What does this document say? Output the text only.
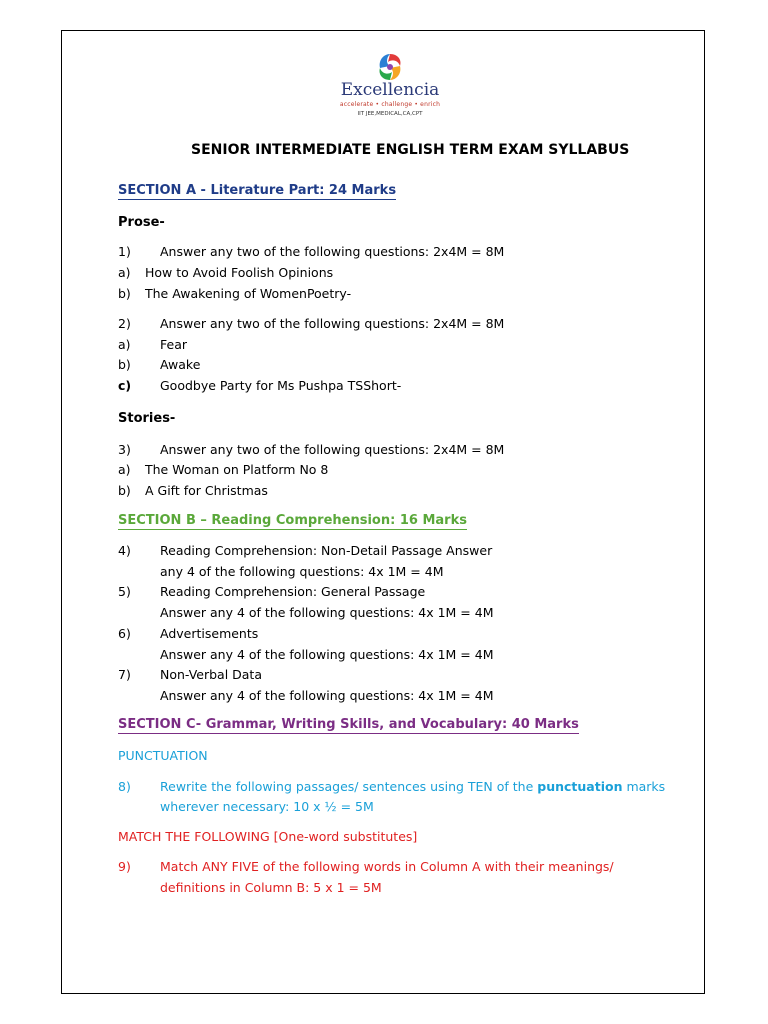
Excellencia
accelerate • challenge • enrich
IIT JEE,MEDICAL,CA,CPT
SENIOR INTERMEDIATE ENGLISH TERM EXAM SYLLABUS
SECTION A - Literature Part: 24 Marks
Prose-
1) Answer any two of the following questions: 2x4M = 8M
a) How to Avoid Foolish Opinions
b) The Awakening of WomenPoetry-
2) Answer any two of the following questions: 2x4M = 8M
a) Fear
b) Awake
c) Goodbye Party for Ms Pushpa TSShort-
Stories-
3) Answer any two of the following questions: 2x4M = 8M
a) The Woman on Platform No 8
b) A Gift for Christmas
SECTION B – Reading Comprehension: 16 Marks
4) Reading Comprehension: Non-Detail Passage Answer
any 4 of the following questions: 4x 1M = 4M
5) Reading Comprehension: General Passage
Answer any 4 of the following questions: 4x 1M = 4M
6) Advertisements
Answer any 4 of the following questions: 4x 1M = 4M
7) Non-Verbal Data
Answer any 4 of the following questions: 4x 1M = 4M
SECTION C- Grammar, Writing Skills, and Vocabulary: 40 Marks
PUNCTUATION
8) Rewrite the following passages/ sentences using TEN of the punctuation marks
wherever necessary: 10 x ½ = 5M
MATCH THE FOLLOWING [One-word substitutes]
9) Match ANY FIVE of the following words in Column A with their meanings/
definitions in Column B: 5 x 1 = 5M
